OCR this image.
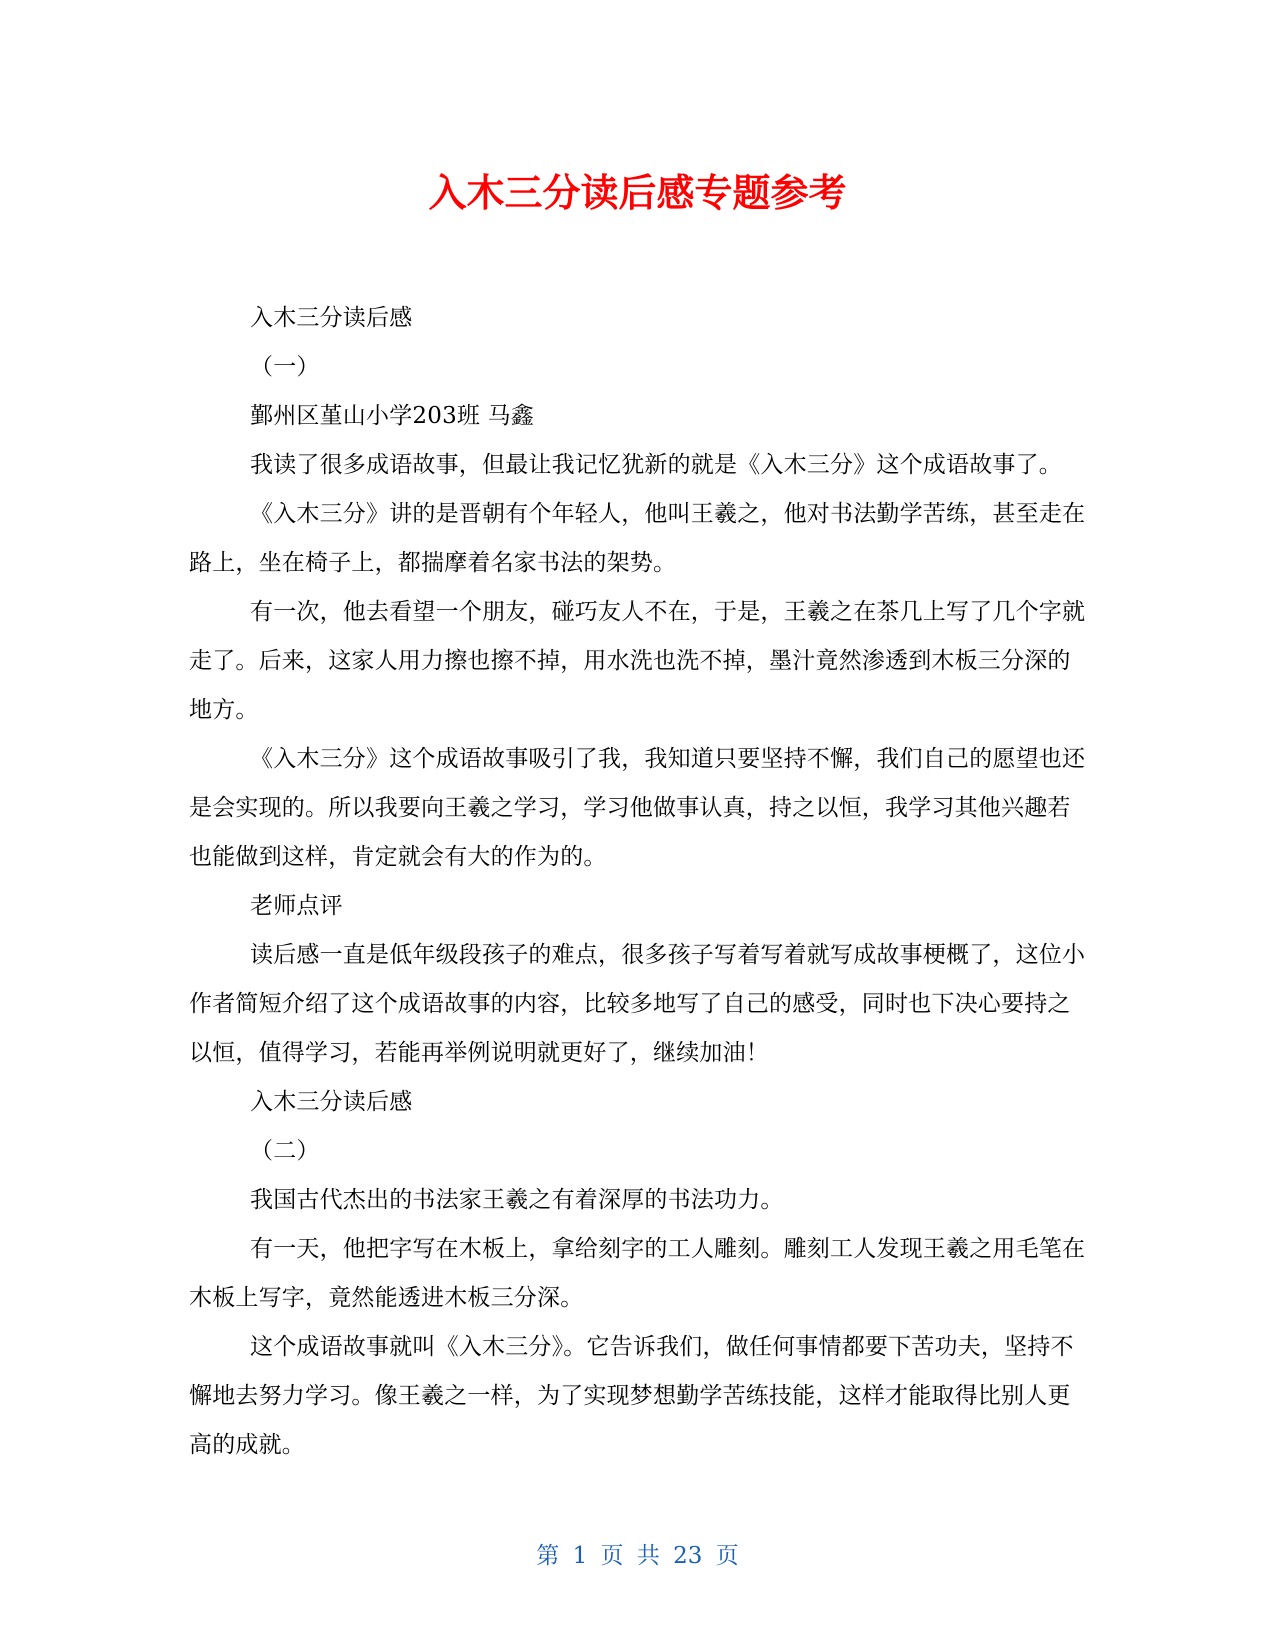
入木三分读后感专题参考

入木三分读后感

（一）

鄞州区堇山小学203班 马鑫

我读了很多成语故事，但最让我记忆犹新的就是《入木三分》这个成语故事了。

《入木三分》讲的是晋朝有个年轻人，他叫王羲之，他对书法勤学苦练，甚至走在路上，坐在椅子上，都揣摩着名家书法的架势。

有一次，他去看望一个朋友，碰巧友人不在，于是，王羲之在茶几上写了几个字就走了。后来，这家人用力擦也擦不掉，用水洗也洗不掉，墨汁竟然渗透到木板三分深的地方。

《入木三分》这个成语故事吸引了我，我知道只要坚持不懈，我们自己的愿望也还是会实现的。所以我要向王羲之学习，学习他做事认真，持之以恒，我学习其他兴趣若也能做到这样，肯定就会有大的作为的。

老师点评

读后感一直是低年级段孩子的难点，很多孩子写着写着就写成故事梗概了，这位小作者简短介绍了这个成语故事的内容，比较多地写了自己的感受，同时也下决心要持之以恒，值得学习，若能再举例说明就更好了，继续加油！

入木三分读后感

（二）

我国古代杰出的书法家王羲之有着深厚的书法功力。

有一天，他把字写在木板上，拿给刻字的工人雕刻。雕刻工人发现王羲之用毛笔在木板上写字，竟然能透进木板三分深。

这个成语故事就叫《入木三分》。它告诉我们，做任何事情都要下苦功夫，坚持不懈地去努力学习。像王羲之一样，为了实现梦想勤学苦练技能，这样才能取得比别人更高的成就。

第 1 页 共 23 页
